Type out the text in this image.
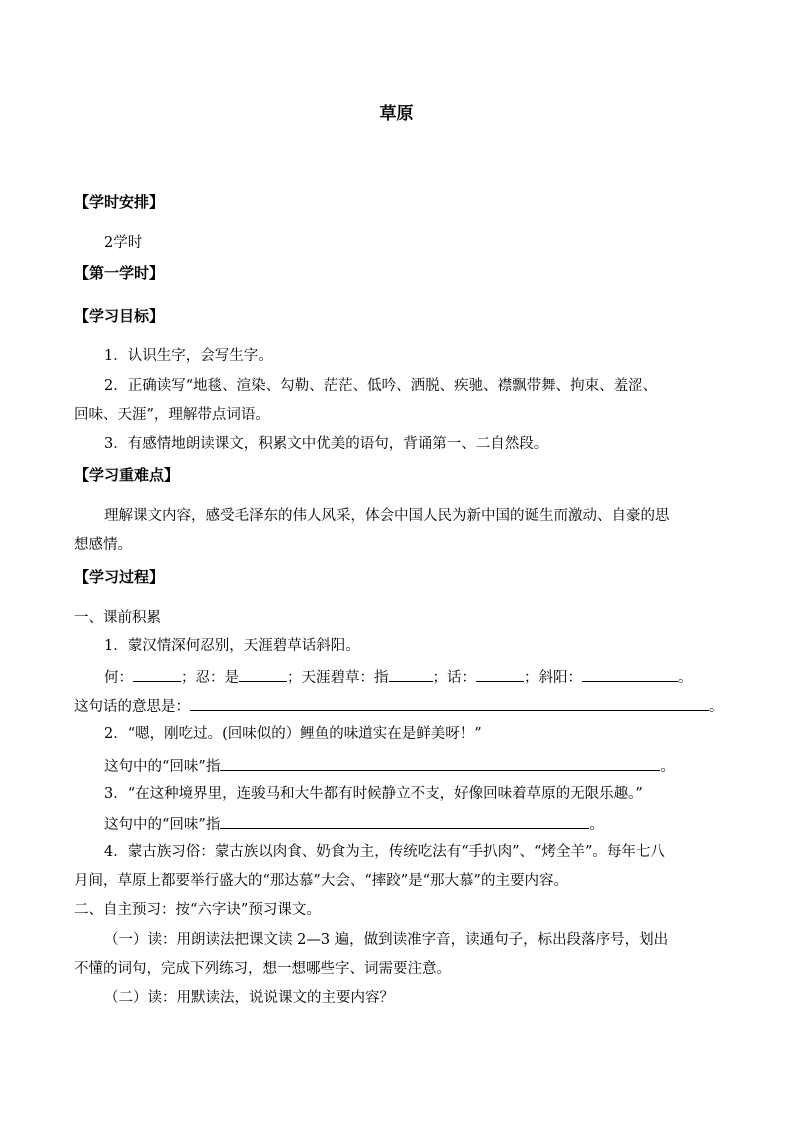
草原
【学时安排】
2学时
【第一学时】
【学习目标】
1．认识生字，会写生字。
2．正确读写“地毯、渲染、勾勒、茫茫、低吟、洒脱、疾驰、襟飘带舞、拘束、羞涩、
回味、天涯”，理解带点词语。
3．有感情地朗读课文，积累文中优美的语句，背诵第一、二自然段。
【学习重难点】
理解课文内容，感受毛泽东的伟人风采，体会中国人民为新中国的诞生而激动、自豪的思
想感情。
【学习过程】
一、课前积累
1．蒙汉情深何忍别，天涯碧草话斜阳。
何：	；忍：是	；天涯碧草：指	；话：	；斜阳：	。
这句话的意思是：	。
2．“嗯，刚吃过。(回味似的）鲤鱼的味道实在是鲜美呀！”
这句中的“回味”指	。
3．“在这种境界里，连骏马和大牛都有时候静立不支，好像回味着草原的无限乐趣。”
这句中的“回味”指	。
4．蒙古族习俗：蒙古族以肉食、奶食为主，传统吃法有“手扒肉”、“烤全羊”。每年七八
月间，草原上都要举行盛大的“那达慕”大会、“摔跤”是“那大慕”的主要内容。
二、自主预习：按“六字诀”预习课文。
（一）读：用朗读法把课文读 2—3 遍，做到读准字音，读通句子，标出段落序号，划出
不懂的词句，完成下列练习，想一想哪些字、词需要注意。
（二）读：用默读法，说说课文的主要内容？
